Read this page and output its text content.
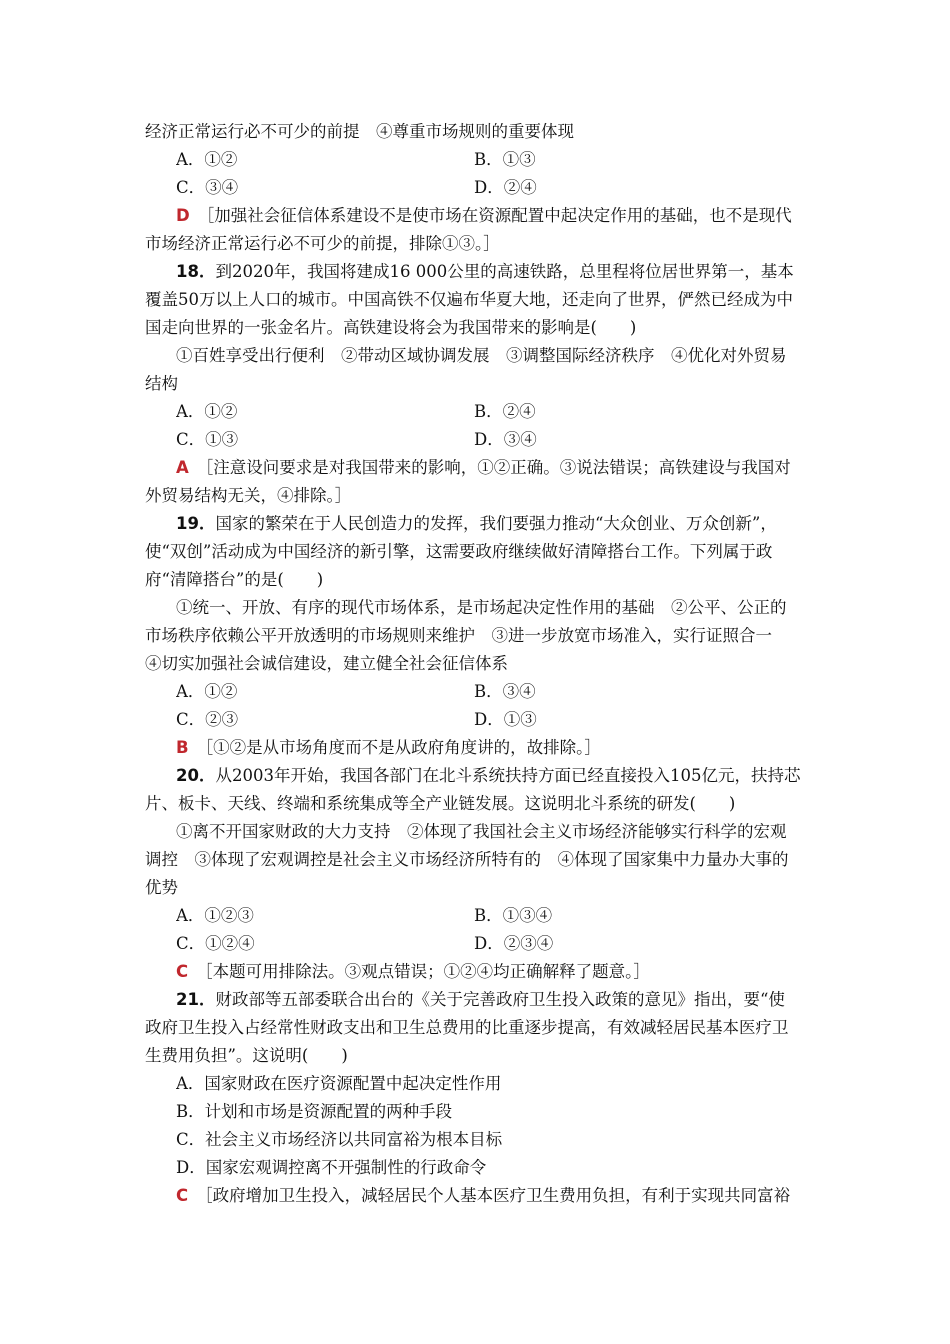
经济正常运行必不可少的前提　④尊重市场规则的重要体现
A．①②	B．①③
C．③④	D．②④
D ［加强社会征信体系建设不是使市场在资源配置中起决定作用的基础，也不是现代
市场经济正常运行必不可少的前提，排除①③。］
18．到2020年，我国将建成16 000公里的高速铁路，总里程将位居世界第一，基本
覆盖50万以上人口的城市。中国高铁不仅遍布华夏大地，还走向了世界，俨然已经成为中
国走向世界的一张金名片。高铁建设将会为我国带来的影响是(　　)
①百姓享受出行便利　②带动区域协调发展　③调整国际经济秩序　④优化对外贸易
结构
A．①②	B．②④
C．①③	D．③④
A ［注意设问要求是对我国带来的影响，①②正确。③说法错误；高铁建设与我国对
外贸易结构无关，④排除。］
19．国家的繁荣在于人民创造力的发挥，我们要强力推动“大众创业、万众创新”，
使“双创”活动成为中国经济的新引擎，这需要政府继续做好清障搭台工作。下列属于政
府“清障搭台”的是(　　)
①统一、开放、有序的现代市场体系，是市场起决定性作用的基础　②公平、公正的
市场秩序依赖公平开放透明的市场规则来维护　③进一步放宽市场准入，实行证照合一
④切实加强社会诚信建设，建立健全社会征信体系
A．①②	B．③④
C．②③	D．①③
B ［①②是从市场角度而不是从政府角度讲的，故排除。］
20．从2003年开始，我国各部门在北斗系统扶持方面已经直接投入105亿元，扶持芯
片、板卡、天线、终端和系统集成等全产业链发展。这说明北斗系统的研发(　　)
①离不开国家财政的大力支持　②体现了我国社会主义市场经济能够实行科学的宏观
调控　③体现了宏观调控是社会主义市场经济所特有的　④体现了国家集中力量办大事的
优势
A．①②③	B．①③④
C．①②④	D．②③④
C ［本题可用排除法。③观点错误；①②④均正确解释了题意。］
21．财政部等五部委联合出台的《关于完善政府卫生投入政策的意见》指出，要“使
政府卫生投入占经常性财政支出和卫生总费用的比重逐步提高，有效减轻居民基本医疗卫
生费用负担”。这说明(　　)
A．国家财政在医疗资源配置中起决定性作用
B．计划和市场是资源配置的两种手段
C．社会主义市场经济以共同富裕为根本目标
D．国家宏观调控离不开强制性的行政命令
C ［政府增加卫生投入，减轻居民个人基本医疗卫生费用负担，有利于实现共同富裕
